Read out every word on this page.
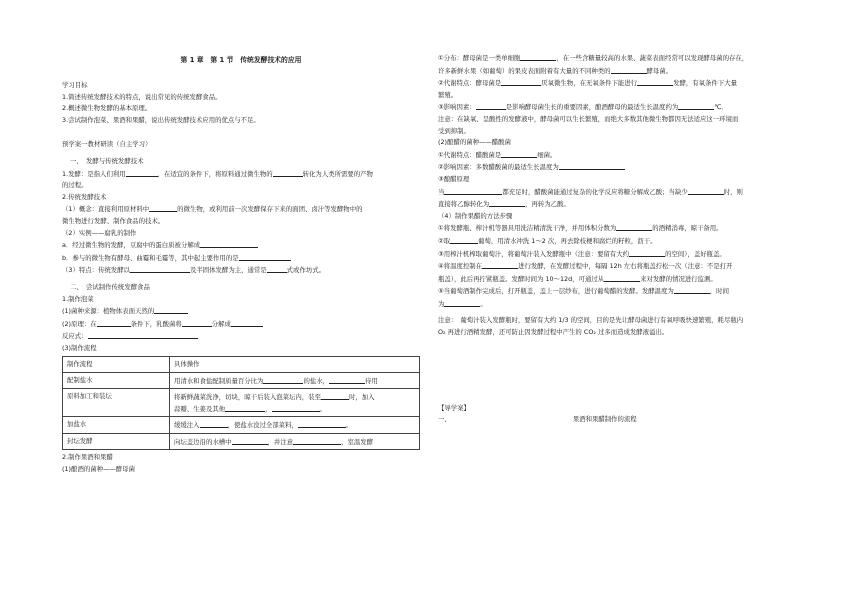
第 1 章　第 1 节　传统发酵技术的应用
学习目标
1.简述传统发酵技术的特点，说出常见的传统发酵食品。
2.概述微生物发酵的基本原理。
3.尝试制作泡菜、果酒和果醋，说出传统发酵技术应用的优点与不足。
预学案一教材研读（自主学习）
一、　发酵与传统发酵技术
1.发酵：是指人们利用	，在适宜的条件下，将原料通过微生物的	转化为人类所需要的产物
的过程。
2.传统发酵技术
（1）概念：直接利用原材料中	的微生物，或利用前一次发酵保存下来的面团、卤汁等发酵物中的
微生物进行发酵、制作食品的技术。
（2）实例——腐乳的制作
a．经过微生物的发酵，豆腐中的蛋白质被分解成
b．参与的微生物有酵母、曲霉和毛霉等，其中起主要作用的是
（3）特点：传统发酵以	及半固体发酵为主，通常是	式或作坊式。
二、　尝试制作传统发酵食品
1.制作泡菜
(1)菌种来源：植物体表面天然的
(2)原理：在	条件下，乳酸菌将	分解成
反应式：
(3)制作流程
制作流程	具体操作
配制盐水	用清水和食盐配制质量百分比为 的盐水， 待用
原料加工和装坛	将新鲜蔬菜洗净，切块，晾干后装入泡菜坛内，装至 时，加入
蒜瓣、生姜及其他 ， 。
加盐水	缓缓注入 ，使盐水没过全部菜料， 。
封坛发酵	向坛盖边沿的水槽中 ，并注意 ，室温发酵
2.制作果酒和果醋
(1)酿酒的菌种——酵母菌
①分布：酵母菌是一类单细胞	，在一些含糖量较高的水果、蔬菜表面经常可以发现酵母菌的存在，
许多新鲜水果（如葡萄）的果皮表面附着有大量的不同种类的	酵母菌。
②代谢特点：酵母菌是	厌氧微生物，在无氧条件下能进行	发酵，有氧条件下大量
繁殖。
③影响因素：	是影响酵母菌生长的重要因素，酿酒酵母的最适生长温度约为	℃．
注意：在缺氧、呈酸性的发酵液中，酵母菌可以生长繁殖，而绝大多数其他微生物都因无法适应这一环境而
受到抑制。
(2)酿醋的菌种——醋酸菌
①代谢特点：醋酸菌是	细菌。
②影响因素：多数醋酸菌的最适生长温度为
③酿醋原理
当	都充足时，醋酸菌能通过复杂的化学反应将糖分解成乙酸；当缺少	时，则
直接将乙醇转化为	，再转为乙酸。
（4）制作果醋的方法步骤
①将发酵瓶、榨汁机等器具用洗洁精清洗干净，并用体积分数为	的酒精消毒，晾干备用。
②取	葡萄，用清水冲洗 1～2 次，再去除枝梗和腐烂的籽粒，沥干。
③用榨汁机榨取葡萄汁，将葡萄汁装入发酵瓶中（注意：要留有大约	的空间），盖好瓶盖。
④将温度控制在	进行发酵，在发酵过程中，每隔 12h 左右将瓶盖拧松一次（注意：不是打开
瓶盖），此后再拧紧瓶盖。发酵时间为 10～12d，可通过从	来对发酵的情况进行监测。
⑤当葡萄酒制作完成后，打开瓶盖，盖上一层纱布，进行葡萄醋的发酵。发酵温度为	，时间
为	。
注意：　葡萄汁装入发酵瓶时，要留有大约 1/3 的空间，目的是先让酵母菌进行有氧呼吸快速繁殖，耗尽瓶内
O₂ 再进行酒精发酵，还可防止因发酵过程中产生的 CO₂ 过多而造成发酵液溢出。
【导学案】
一、	果酒和果醋制作的流程
